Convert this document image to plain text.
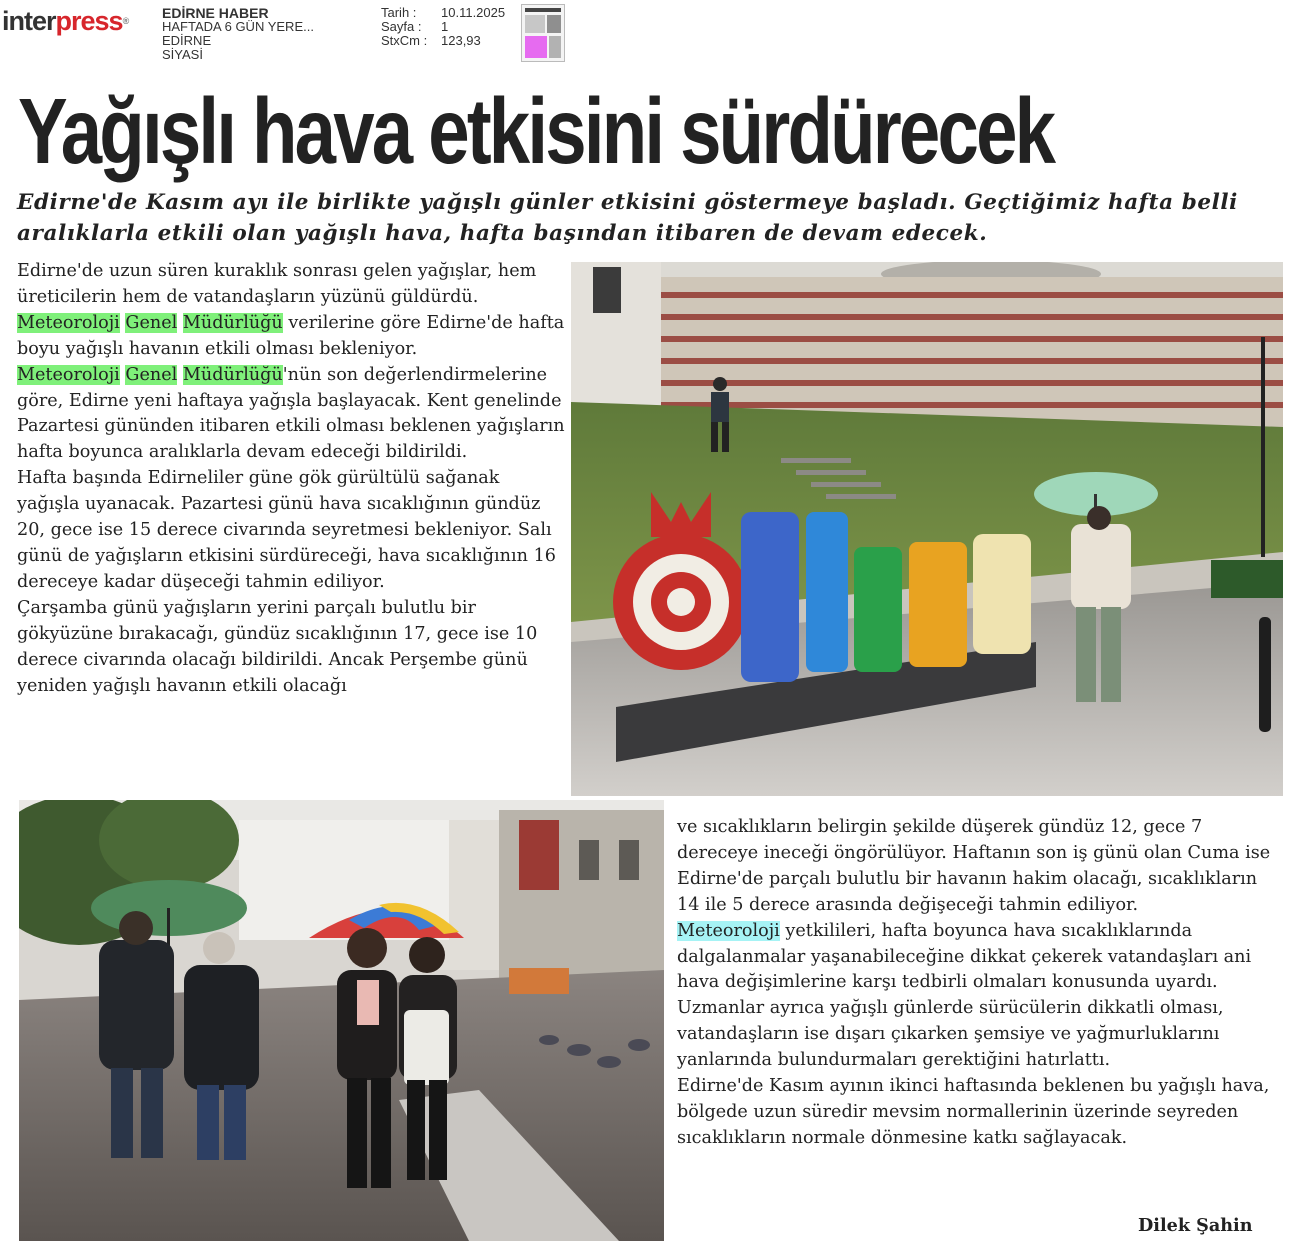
interpress® EDİRNE HABER
HAFTADA 6 GÜN YERE...
EDİRNE
SİYASİ
Tarih :	10.11.2025
Sayfa :	1
StxCm :	123,93
Yağışlı hava etkisini sürdürecek

Edirne'de Kasım ayı ile birlikte yağışlı günler etkisini göstermeye başladı. Geçtiğimiz hafta belli aralıklarla etkili olan yağışlı hava, hafta başından itibaren de devam edecek.

Edirne'de uzun süren kuraklık sonrası gelen yağışlar, hem üreticilerin hem de vatandaşların yüzünü güldürdü. Meteoroloji Genel Müdürlüğü verilerine göre Edirne'de hafta boyu yağışlı havanın etkili olması bekleniyor.

Meteoroloji Genel Müdürlüğü'nün son değerlendirmelerine göre, Edirne yeni haftaya yağışla başlayacak. Kent genelinde Pazartesi gününden itibaren etkili olması beklenen yağışların hafta boyunca aralıklarla devam edeceği bildirildi.

Hafta başında Edirneliler güne gök gürültülü sağanak yağışla uyanacak. Pazartesi günü hava sıcaklığının gündüz 20, gece ise 15 derece civarında seyretmesi bekleniyor. Salı günü de yağışların etkisini sürdüreceği, hava sıcaklığının 16 dereceye kadar düşeceği tahmin ediliyor.

Çarşamba günü yağışların yerini parçalı bulutlu bir gökyüzüne bırakacağı, gündüz sıcaklığının 17, gece ise 10 derece civarında olacağı bildirildi. Ancak Perşembe günü yeniden yağışlı havanın etkili olacağı

ve sıcaklıkların belirgin şekilde düşerek gündüz 12, gece 7 dereceye ineceği öngörülüyor. Haftanın son iş günü olan Cuma ise Edirne'de parçalı bulutlu bir havanın hakim olacağı, sıcaklıkların 14 ile 5 derece arasında değişeceği tahmin ediliyor.

Meteoroloji yetkilileri, hafta boyunca hava sıcaklıklarında dalgalanmalar yaşanabileceğine dikkat çekerek vatandaşları ani hava değişimlerine karşı tedbirli olmaları konusunda uyardı. Uzmanlar ayrıca yağışlı günlerde sürücülerin dikkatli olması, vatandaşların ise dışarı çıkarken şemsiye ve yağmurluklarını yanlarında bulundurmaları gerektiğini hatırlattı.

Edirne'de Kasım ayının ikinci haftasında beklenen bu yağışlı hava, bölgede uzun süredir mevsim normallerinin üzerinde seyreden sıcaklıkların normale dönmesine katkı sağlayacak.

Dilek Şahin
